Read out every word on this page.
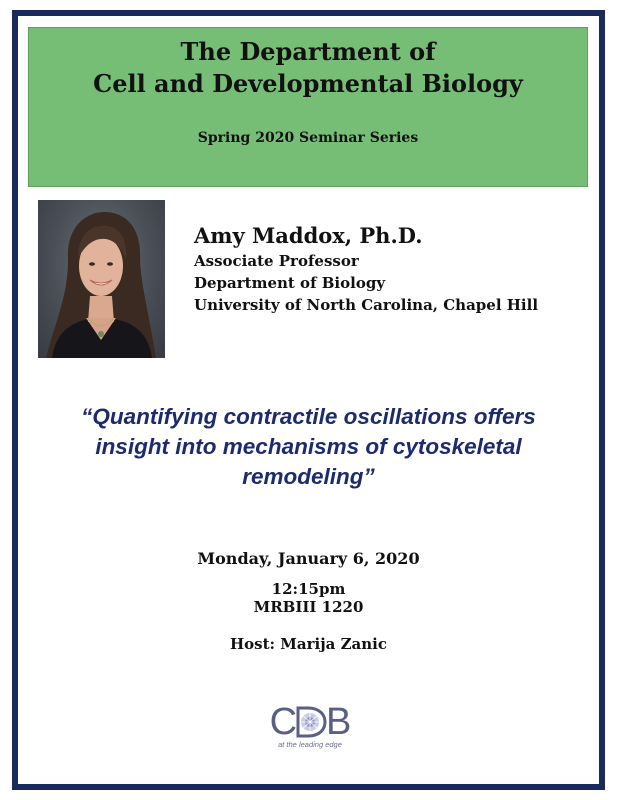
The Department of
Cell and Developmental Biology
Spring 2020 Seminar Series
Amy Maddox, Ph.D.
Associate Professor
Department of Biology
University of North Carolina, Chapel Hill
“Quantifying contractile oscillations offers
insight into mechanisms of cytoskeletal
remodeling”
Monday, January 6, 2020
12:15pm
MRBIII 1220
Host: Marija Zanic
C B
at the leading edge
